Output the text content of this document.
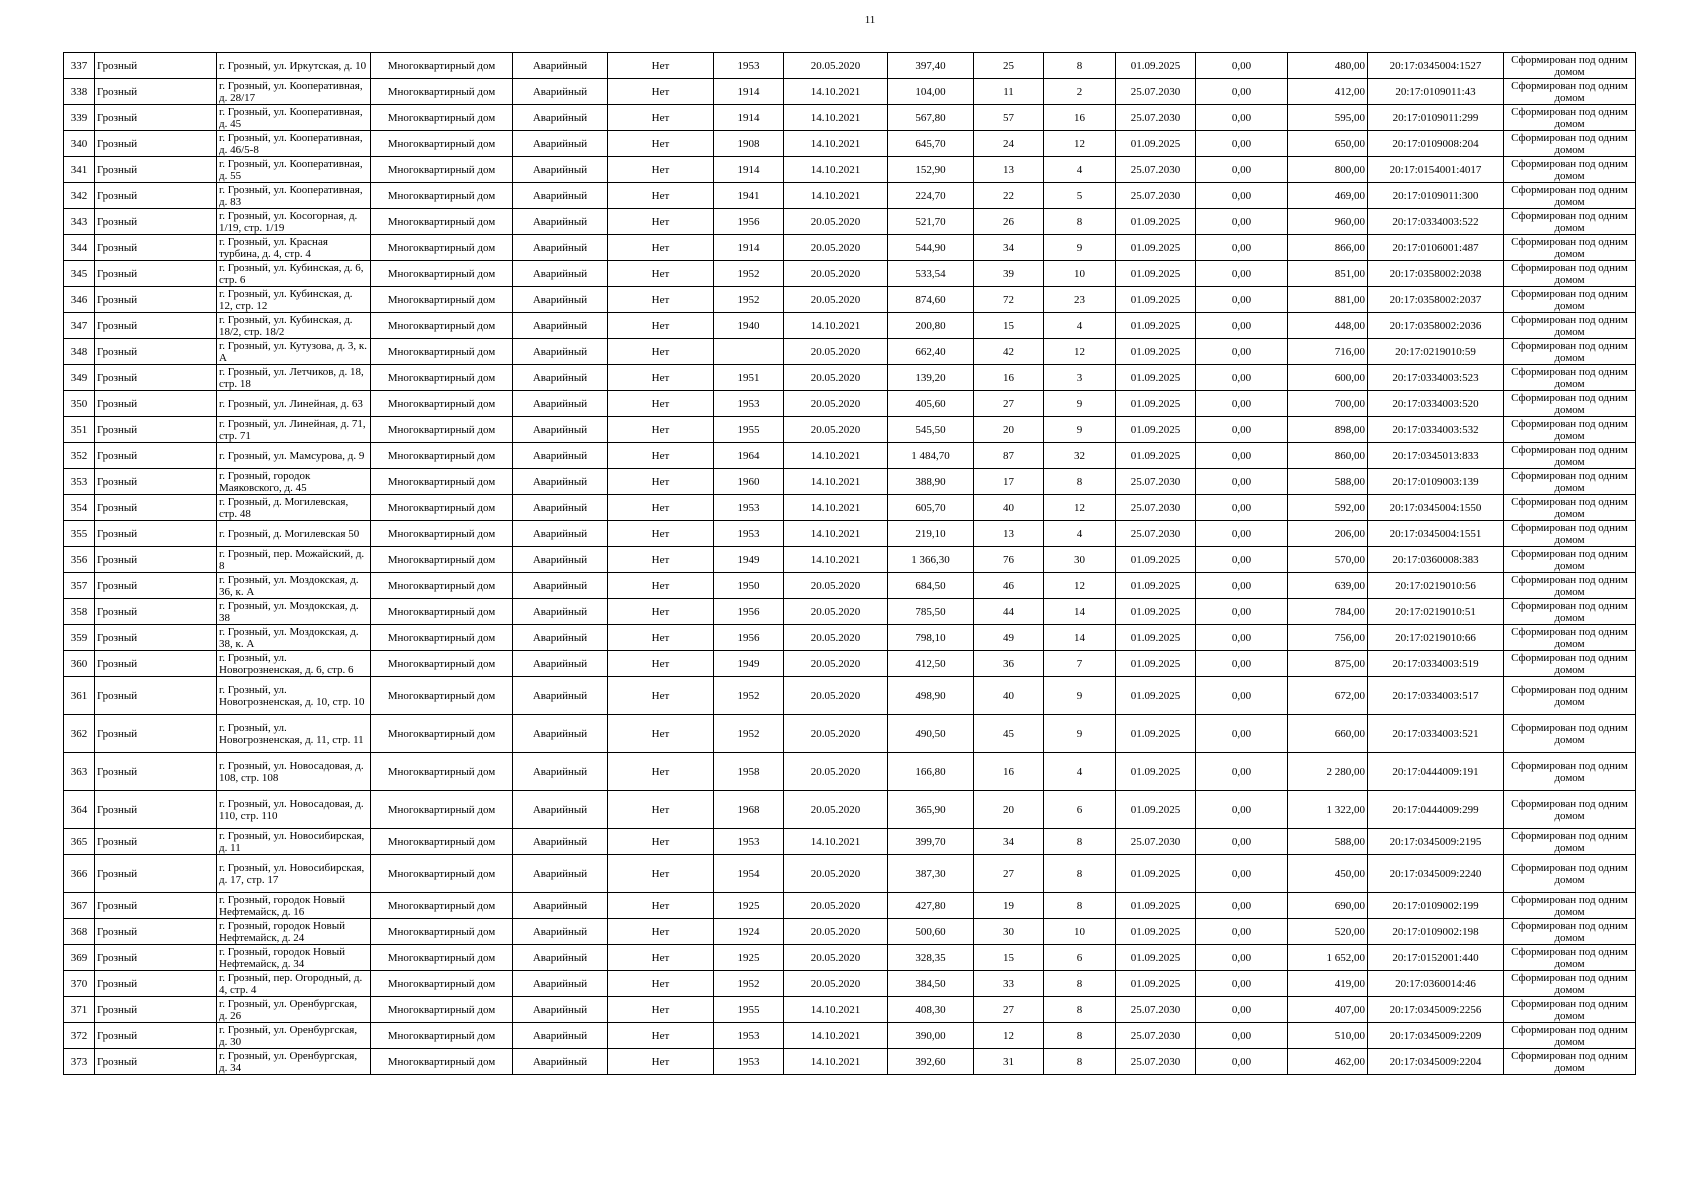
11
337	Грозный	г. Грозный, ул. Иркутская, д. 10	Многоквартирный дом	Аварийный	Нет	1953	20.05.2020	397,40	25	8	01.09.2025	0,00	480,00	20:17:0345004:1527	Сформирован под одним домом
338	Грозный	г. Грозный, ул. Кооперативная, д. 28/17	Многоквартирный дом	Аварийный	Нет	1914	14.10.2021	104,00	11	2	25.07.2030	0,00	412,00	20:17:0109011:43	Сформирован под одним домом
339	Грозный	г. Грозный, ул. Кооперативная, д. 45	Многоквартирный дом	Аварийный	Нет	1914	14.10.2021	567,80	57	16	25.07.2030	0,00	595,00	20:17:0109011:299	Сформирован под одним домом
340	Грозный	г. Грозный, ул. Кооперативная, д. 46/5-8	Многоквартирный дом	Аварийный	Нет	1908	14.10.2021	645,70	24	12	01.09.2025	0,00	650,00	20:17:0109008:204	Сформирован под одним домом
341	Грозный	г. Грозный, ул. Кооперативная, д. 55	Многоквартирный дом	Аварийный	Нет	1914	14.10.2021	152,90	13	4	25.07.2030	0,00	800,00	20:17:0154001:4017	Сформирован под одним домом
342	Грозный	г. Грозный, ул. Кооперативная, д. 83	Многоквартирный дом	Аварийный	Нет	1941	14.10.2021	224,70	22	5	25.07.2030	0,00	469,00	20:17:0109011:300	Сформирован под одним домом
343	Грозный	г. Грозный, ул. Косогорная, д. 1/19, стр. 1/19	Многоквартирный дом	Аварийный	Нет	1956	20.05.2020	521,70	26	8	01.09.2025	0,00	960,00	20:17:0334003:522	Сформирован под одним домом
344	Грозный	г. Грозный, ул. Красная турбина, д. 4, стр. 4	Многоквартирный дом	Аварийный	Нет	1914	20.05.2020	544,90	34	9	01.09.2025	0,00	866,00	20:17:0106001:487	Сформирован под одним домом
345	Грозный	г. Грозный, ул. Кубинская, д. 6, стр. 6	Многоквартирный дом	Аварийный	Нет	1952	20.05.2020	533,54	39	10	01.09.2025	0,00	851,00	20:17:0358002:2038	Сформирован под одним домом
346	Грозный	г. Грозный, ул. Кубинская, д. 12, стр. 12	Многоквартирный дом	Аварийный	Нет	1952	20.05.2020	874,60	72	23	01.09.2025	0,00	881,00	20:17:0358002:2037	Сформирован под одним домом
347	Грозный	г. Грозный, ул. Кубинская, д. 18/2, стр. 18/2	Многоквартирный дом	Аварийный	Нет	1940	14.10.2021	200,80	15	4	01.09.2025	0,00	448,00	20:17:0358002:2036	Сформирован под одним домом
348	Грозный	г. Грозный, ул. Кутузова, д. 3, к. А	Многоквартирный дом	Аварийный	Нет		20.05.2020	662,40	42	12	01.09.2025	0,00	716,00	20:17:0219010:59	Сформирован под одним домом
349	Грозный	г. Грозный, ул. Летчиков, д. 18, стр. 18	Многоквартирный дом	Аварийный	Нет	1951	20.05.2020	139,20	16	3	01.09.2025	0,00	600,00	20:17:0334003:523	Сформирован под одним домом
350	Грозный	г. Грозный, ул. Линейная, д. 63	Многоквартирный дом	Аварийный	Нет	1953	20.05.2020	405,60	27	9	01.09.2025	0,00	700,00	20:17:0334003:520	Сформирован под одним домом
351	Грозный	г. Грозный, ул. Линейная, д. 71, стр. 71	Многоквартирный дом	Аварийный	Нет	1955	20.05.2020	545,50	20	9	01.09.2025	0,00	898,00	20:17:0334003:532	Сформирован под одним домом
352	Грозный	г. Грозный, ул. Мамсурова, д. 9	Многоквартирный дом	Аварийный	Нет	1964	14.10.2021	1 484,70	87	32	01.09.2025	0,00	860,00	20:17:0345013:833	Сформирован под одним домом
353	Грозный	г. Грозный, городок Маяковского, д. 45	Многоквартирный дом	Аварийный	Нет	1960	14.10.2021	388,90	17	8	25.07.2030	0,00	588,00	20:17:0109003:139	Сформирован под одним домом
354	Грозный	г. Грозный, д. Могилевская, стр. 48	Многоквартирный дом	Аварийный	Нет	1953	14.10.2021	605,70	40	12	25.07.2030	0,00	592,00	20:17:0345004:1550	Сформирован под одним домом
355	Грозный	г. Грозный, д. Могилевская 50	Многоквартирный дом	Аварийный	Нет	1953	14.10.2021	219,10	13	4	25.07.2030	0,00	206,00	20:17:0345004:1551	Сформирован под одним домом
356	Грозный	г. Грозный, пер. Можайский, д. 8	Многоквартирный дом	Аварийный	Нет	1949	14.10.2021	1 366,30	76	30	01.09.2025	0,00	570,00	20:17:0360008:383	Сформирован под одним домом
357	Грозный	г. Грозный, ул. Моздокская, д. 36, к. А	Многоквартирный дом	Аварийный	Нет	1950	20.05.2020	684,50	46	12	01.09.2025	0,00	639,00	20:17:0219010:56	Сформирован под одним домом
358	Грозный	г. Грозный, ул. Моздокская, д. 38	Многоквартирный дом	Аварийный	Нет	1956	20.05.2020	785,50	44	14	01.09.2025	0,00	784,00	20:17:0219010:51	Сформирован под одним домом
359	Грозный	г. Грозный, ул. Моздокская, д. 38, к. А	Многоквартирный дом	Аварийный	Нет	1956	20.05.2020	798,10	49	14	01.09.2025	0,00	756,00	20:17:0219010:66	Сформирован под одним домом
360	Грозный	г. Грозный, ул. Новогрозненская, д. 6, стр. 6	Многоквартирный дом	Аварийный	Нет	1949	20.05.2020	412,50	36	7	01.09.2025	0,00	875,00	20:17:0334003:519	Сформирован под одним домом
361	Грозный	г. Грозный, ул. Новогрозненская, д. 10, стр. 10	Многоквартирный дом	Аварийный	Нет	1952	20.05.2020	498,90	40	9	01.09.2025	0,00	672,00	20:17:0334003:517	Сформирован под одним домом
362	Грозный	г. Грозный, ул. Новогрозненская, д. 11, стр. 11	Многоквартирный дом	Аварийный	Нет	1952	20.05.2020	490,50	45	9	01.09.2025	0,00	660,00	20:17:0334003:521	Сформирован под одним домом
363	Грозный	г. Грозный, ул. Новосадовая, д. 108, стр. 108	Многоквартирный дом	Аварийный	Нет	1958	20.05.2020	166,80	16	4	01.09.2025	0,00	2 280,00	20:17:0444009:191	Сформирован под одним домом
364	Грозный	г. Грозный, ул. Новосадовая, д. 110, стр. 110	Многоквартирный дом	Аварийный	Нет	1968	20.05.2020	365,90	20	6	01.09.2025	0,00	1 322,00	20:17:0444009:299	Сформирован под одним домом
365	Грозный	г. Грозный, ул. Новосибирская, д. 11	Многоквартирный дом	Аварийный	Нет	1953	14.10.2021	399,70	34	8	25.07.2030	0,00	588,00	20:17:0345009:2195	Сформирован под одним домом
366	Грозный	г. Грозный, ул. Новосибирская, д. 17, стр. 17	Многоквартирный дом	Аварийный	Нет	1954	20.05.2020	387,30	27	8	01.09.2025	0,00	450,00	20:17:0345009:2240	Сформирован под одним домом
367	Грозный	г. Грозный, городок Новый Нефтемайск, д. 16	Многоквартирный дом	Аварийный	Нет	1925	20.05.2020	427,80	19	8	01.09.2025	0,00	690,00	20:17:0109002:199	Сформирован под одним домом
368	Грозный	г. Грозный, городок Новый Нефтемайск, д. 24	Многоквартирный дом	Аварийный	Нет	1924	20.05.2020	500,60	30	10	01.09.2025	0,00	520,00	20:17:0109002:198	Сформирован под одним домом
369	Грозный	г. Грозный, городок Новый Нефтемайск, д. 34	Многоквартирный дом	Аварийный	Нет	1925	20.05.2020	328,35	15	6	01.09.2025	0,00	1 652,00	20:17:0152001:440	Сформирован под одним домом
370	Грозный	г. Грозный, пер. Огородный, д. 4, стр. 4	Многоквартирный дом	Аварийный	Нет	1952	20.05.2020	384,50	33	8	01.09.2025	0,00	419,00	20:17:0360014:46	Сформирован под одним домом
371	Грозный	г. Грозный, ул. Оренбургская, д. 26	Многоквартирный дом	Аварийный	Нет	1955	14.10.2021	408,30	27	8	25.07.2030	0,00	407,00	20:17:0345009:2256	Сформирован под одним домом
372	Грозный	г. Грозный, ул. Оренбургская, д. 30	Многоквартирный дом	Аварийный	Нет	1953	14.10.2021	390,00	12	8	25.07.2030	0,00	510,00	20:17:0345009:2209	Сформирован под одним домом
373	Грозный	г. Грозный, ул. Оренбургская, д. 34	Многоквартирный дом	Аварийный	Нет	1953	14.10.2021	392,60	31	8	25.07.2030	0,00	462,00	20:17:0345009:2204	Сформирован под одним домом
